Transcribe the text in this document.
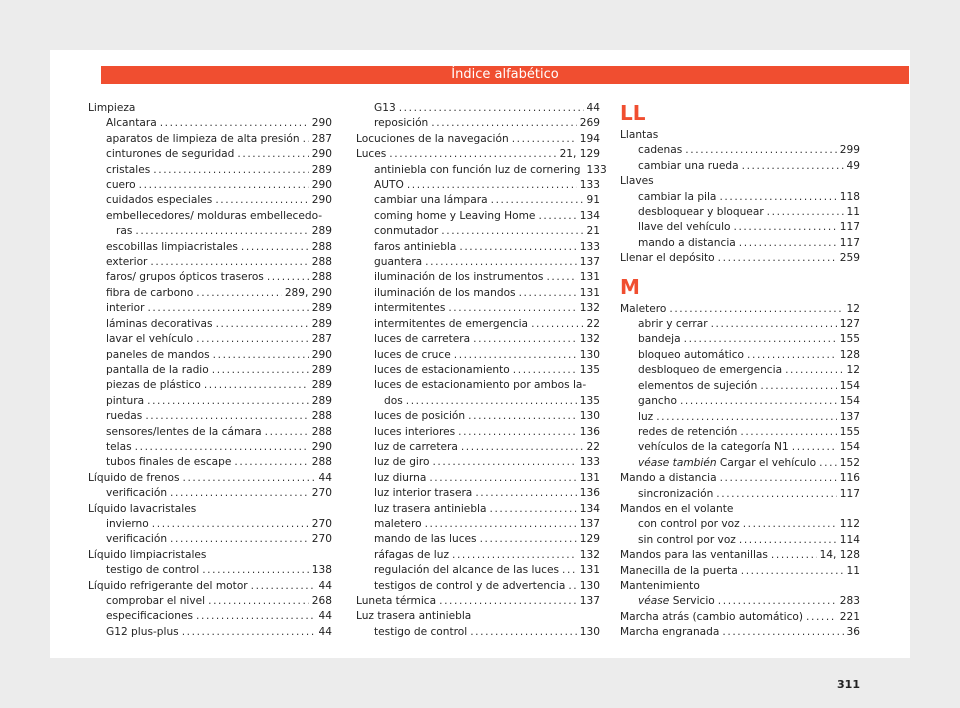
Índice alfabético
Limpieza
Alcantara .....	290
aparatos de limpieza de alta presión ..... 287
cinturones de seguridad .....	290
cristales .....	289
cuero .....	290
cuidados especiales .....	290
embellecedores/ molduras embellecedo-
ras .....	289
escobillas limpiacristales .....	288
exterior .....	288
faros/ grupos ópticos traseros .....	288
fibra de carbono .....	289, 290
interior .....	289
láminas decorativas .....	289
lavar el vehículo .....	287
paneles de mandos .....	290
pantalla de la radio .....	289
piezas de plástico .....	289
pintura .....	289
ruedas .....	288
sensores/lentes de la cámara .....	288
telas .....	290
tubos finales de escape .....	288
Líquido de frenos .....	44
verificación .....	270
Líquido lavacristales
invierno .....	270
verificación .....	270
Líquido limpiacristales
testigo de control .....	138
Líquido refrigerante del motor .....	44
comprobar el nivel .....	268
especificaciones .....	44
G12 plus-plus .....	44
G13 .....	44
reposición .....	269
Locuciones de la navegación .....	194
Luces .....	21, 129
antiniebla con función luz de cornering 133
AUTO .....	133
cambiar una lámpara .....	91
coming home y Leaving Home .....	134
conmutador .....	21
faros antiniebla .....	133
guantera .....	137
iluminación de los instrumentos .....	131
iluminación de los mandos .....	131
intermitentes .....	132
intermitentes de emergencia .....	22
luces de carretera .....	132
luces de cruce .....	130
luces de estacionamiento .....	135
luces de estacionamiento por ambos la-
dos .....	135
luces de posición .....	130
luces interiores .....	136
luz de carretera .....	22
luz de giro .....	133
luz diurna .....	131
luz interior trasera .....	136
luz trasera antiniebla .....	134
maletero .....	137
mando de las luces .....	129
ráfagas de luz .....	132
regulación del alcance de las luces ..... 131
testigos de control y de advertencia ..... 130
Luneta térmica .....	137
Luz trasera antiniebla
testigo de control .....	130
LL
Llantas
cadenas .....	299
cambiar una rueda .....	49
Llaves
cambiar la pila .....	118
desbloquear y bloquear .....	11
llave del vehículo .....	117
mando a distancia .....	117
Llenar el depósito .....	259
M
Maletero .....	12
abrir y cerrar .....	127
bandeja .....	155
bloqueo automático .....	128
desbloqueo de emergencia .....	12
elementos de sujeción .....	154
gancho .....	154
luz .....	137
redes de retención .....	155
vehículos de la categoría N1 .....	154
véase también Cargar el vehículo ..... 152
Mando a distancia .....	116
sincronización .....	117
Mandos en el volante
con control por voz .....	112
sin control por voz .....	114
Mandos para las ventanillas .....	14, 128
Manecilla de la puerta .....	11
Mantenimiento
véase Servicio .....	283
Marcha atrás (cambio automático) .....	221
Marcha engranada .....	36
311
